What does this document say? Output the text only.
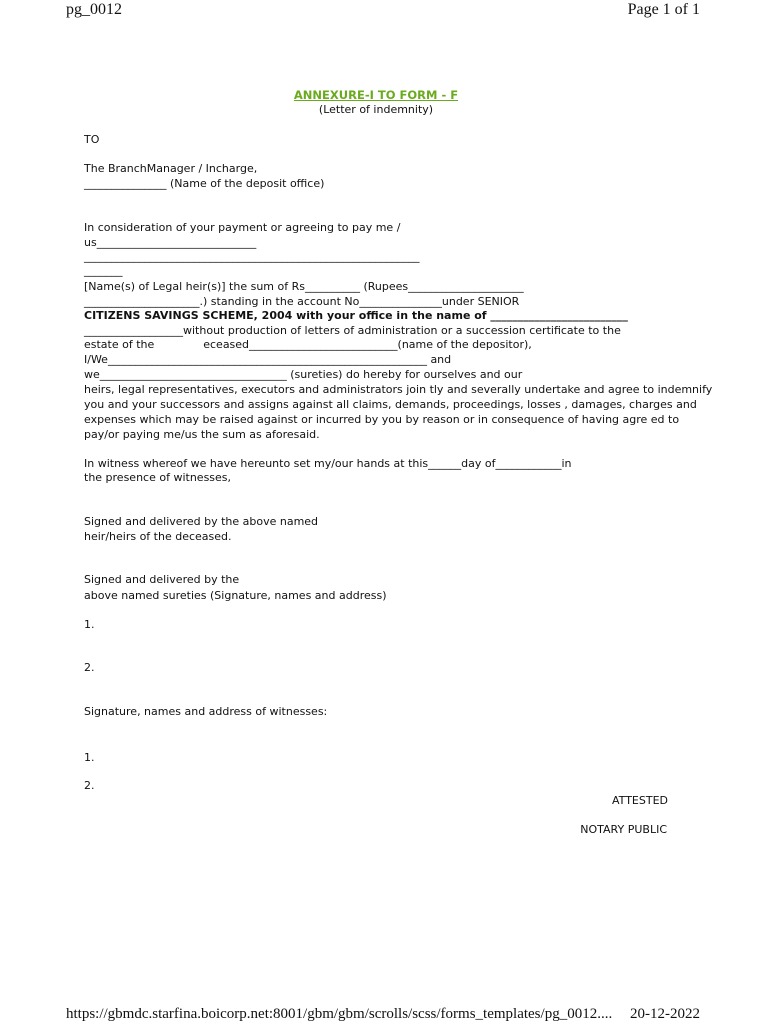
pg_0012	Page 1 of 1
ANNEXURE-I TO FORM - F
(Letter of indemnity)
TO
The BranchManager / Incharge,
_______________ (Name of the deposit office)
In consideration of your payment or agreeing to pay me /
us_____________________________
_____________________________________________________________
_______
[Name(s) of Legal heir(s)] the sum of Rs__________ (Rupees_____________________
_____________________.) standing in the account No_______________under SENIOR
CITIZENS SAVINGS SCHEME, 2004 with your office in the name of _________________________
__________________without production of letters of administration or a succession certificate to the
estate of the              eceased___________________________(name of the depositor),
I/We__________________________________________________________ and
we__________________________________ (sureties) do hereby for ourselves and our
heirs, legal representatives, executors and administrators join tly and severally undertake and agree to indemnify
you and your successors and assigns against all claims, demands, proceedings, losses , damages, charges and
expenses which may be raised against or incurred by you by reason or in consequence of having agre ed to
pay/or paying me/us the sum as aforesaid.
In witness whereof we have hereunto set my/our hands at this______day of____________in
the presence of witnesses,
Signed and delivered by the above named
heir/heirs of the deceased.
Signed and delivered by the
above named sureties (Signature, names and address)
1.
2.
Signature, names and address of witnesses:
1.
2.
ATTESTED
NOTARY PUBLIC
https://gbmdc.starfina.boicorp.net:8001/gbm/gbm/scrolls/scss/forms_templates/pg_0012.... 20-12-2022
